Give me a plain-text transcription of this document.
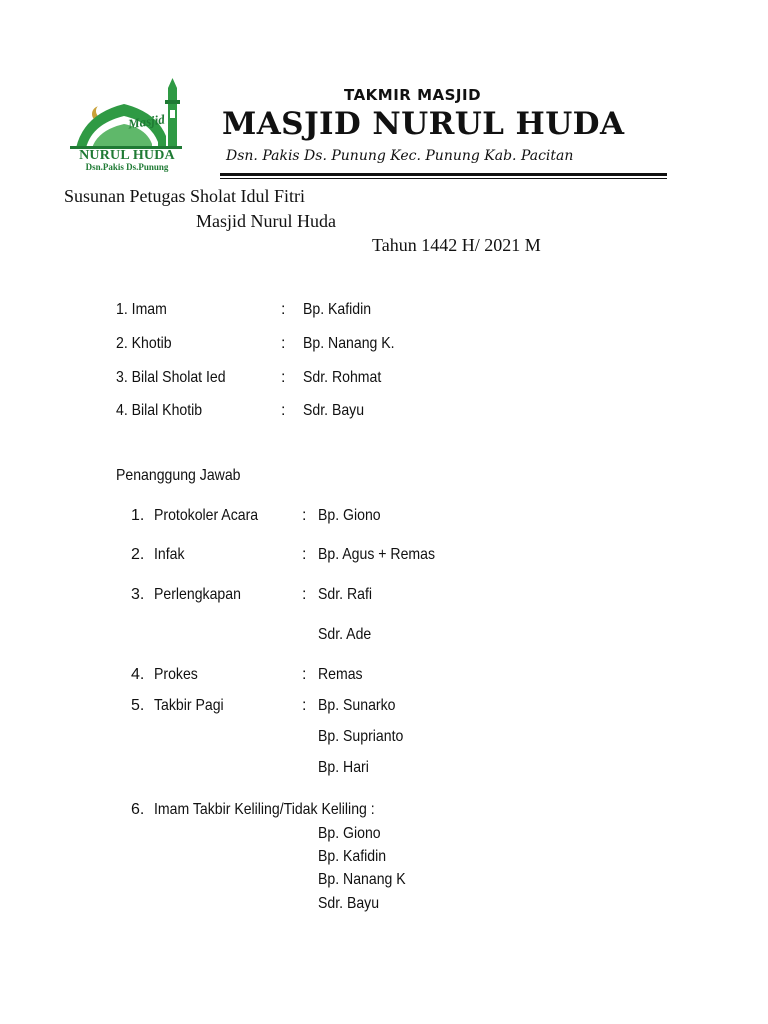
Masjid
NURUL HUDA
Dsn.Pakis Ds.Punung
TAKMIR MASJID
MASJID NURUL HUDA
Dsn. Pakis Ds. Punung Kec. Punung Kab. Pacitan
Susunan Petugas Sholat Idul Fitri
Masjid Nurul Huda
Tahun 1442 H/ 2021 M
1. Imam	: Bp. Kafidin
2. Khotib	: Bp. Nanang K.
3. Bilal Sholat Ied	: Sdr. Rohmat
4. Bilal Khotib	: Sdr. Bayu
Penanggung Jawab
1. Protokoler Acara	: Bp. Giono
2. Infak	: Bp. Agus + Remas
3. Perlengkapan	: Sdr. Rafi
Sdr. Ade
4. Prokes	: Remas
5. Takbir Pagi	: Bp. Sunarko
Bp. Suprianto
Bp. Hari
6. Imam Takbir Keliling/Tidak Keliling :
Bp. Giono
Bp. Kafidin
Bp. Nanang K
Sdr. Bayu
